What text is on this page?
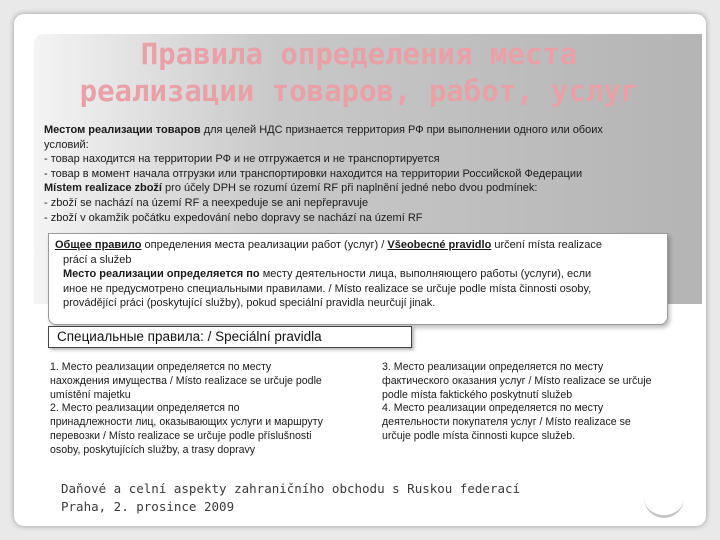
Правила определения места
реализации товаров, работ, услуг
Местом реализации товаров для целей НДС признается территория РФ при выполнении одного или обоих
условий:
- товар находится на территории РФ и не отгружается и не транспортируется
- товар в момент начала отгрузки или транспортировки находится на территории Российской Федерации
Místem realizace zboží pro účely DPH se rozumí území RF při naplnění jedné nebo dvou podmínek:
- zboží se nachází na území RF a neexpeduje se ani nepřepravuje
- zboží v okamžik počátku expedování nebo dopravy se nachází na území RF
Общее правило определения места реализации работ (услуг) / Všeobecné pravidlo určení místa realizace
prácí a služeb
Место реализации определяется по месту деятельности лица, выполняющего работы (услуги), если
иное не предусмотрено специальными правилами. / Místo realizace se určuje podle místa činnosti osoby,
provádějící práci (poskytující služby), pokud speciální pravidla neurčují jinak.
Специальные правила: / Speciální pravidla
1. Место реализации определяется по месту
нахождения имущества / Místo realizace se určuje podle
umístění majetku
2. Место реализации определяется по
принадлежности лиц, оказывающих услуги и маршруту
перевозки / Místo realizace se určuje podle příslušnosti
osoby, poskytujících služby, a trasy dopravy
3. Место реализации определяется по месту
фактического оказания услуг / Místo realizace se určuje
podle místa faktického poskytnutí služeb
4. Место реализации определяется по месту
деятельности покупателя услуг / Místo realizace se
určuje podle místa činnosti kupce služeb.
Daňové a celní aspekty zahraničního obchodu s Ruskou federací
Praha, 2. prosince 2009
